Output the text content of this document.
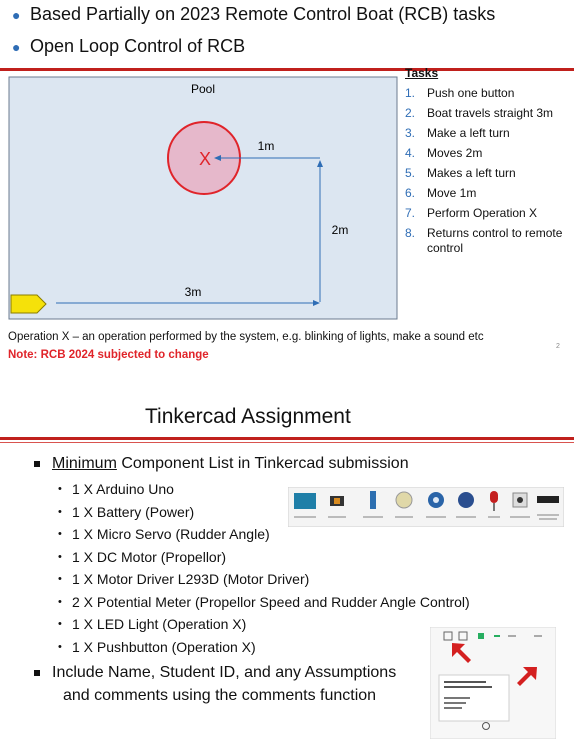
● Based Partially on 2023 Remote Control Boat (RCB) tasks
● Open Loop Control of RCB
Pool
X
1m
2m
3m
Tasks
1. Push one button
2. Boat travels straight 3m
3. Make a left turn
4. Moves 2m
5. Makes a left turn
6. Move 1m
7. Perform Operation X
8. Returns control to remote control
Operation X – an operation performed by the system, e.g. blinking of lights, make a sound etc
2
Note: RCB 2024 subjected to change
Tinkercad Assignment
Minimum Component List in Tinkercad submission
• 1 X Arduino Uno
• 1 X Battery (Power)
• 1 X Micro Servo (Rudder Angle)
• 1 X DC Motor (Propellor)
• 1 X Motor Driver L293D (Motor Driver)
• 2 X Potential Meter (Propellor Speed and Rudder Angle Control)
• 1 X LED Light (Operation X)
• 1 X Pushbutton (Operation X)
Include Name, Student ID, and any Assumptions
and comments using the comments function
